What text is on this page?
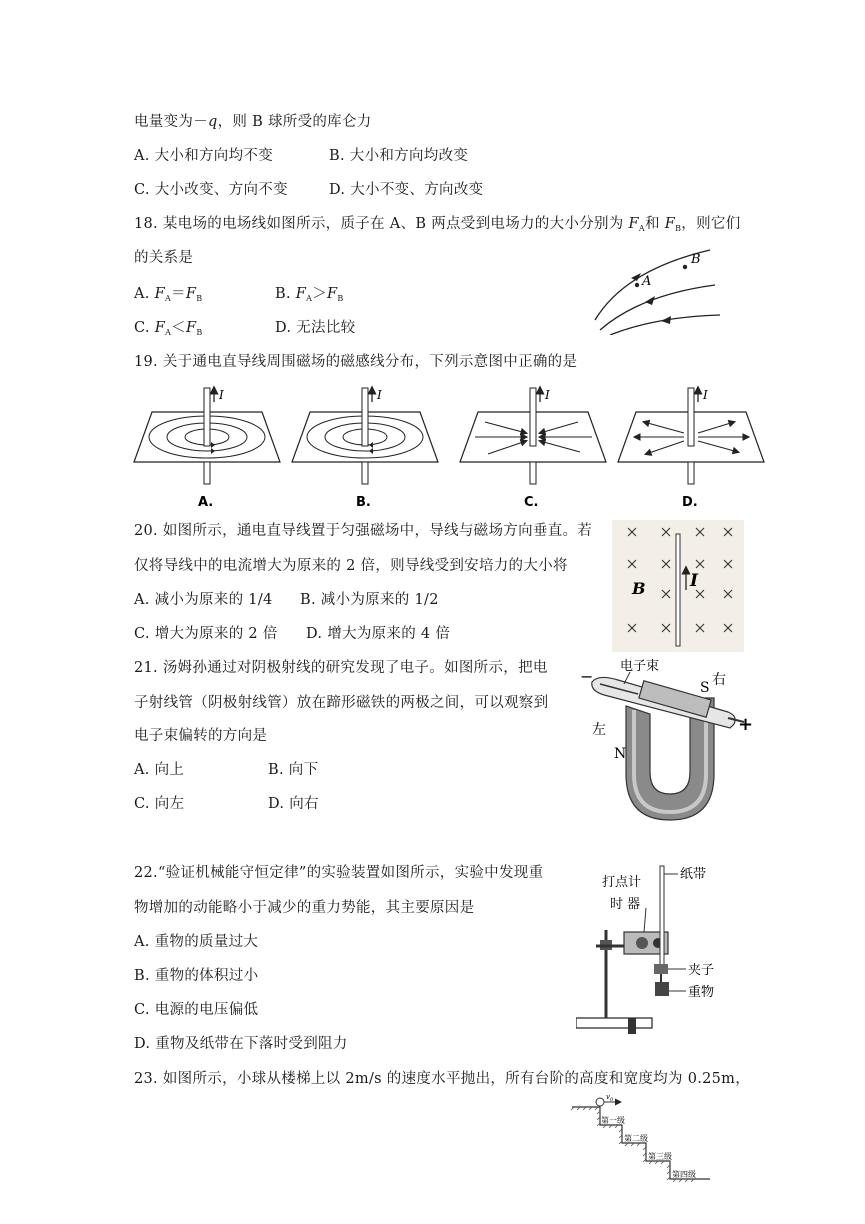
电量变为－q，则 B 球所受的库仑力
A. 大小和方向均不变	B. 大小和方向均改变
C. 大小改变、方向不变	D. 大小不变、方向改变
18. 某电场的电场线如图所示，质子在 A、B 两点受到电场力的大小分别为 $F_A$和 $F_B$，则它们
的关系是
A. $F_A=F_B$	B. $F_A>F_B$
C. $F_A<F_B$	D. 无法比较
A
B
19. 关于通电直导线周围磁场的磁感线分布，下列示意图中正确的是
I
A.
I
B.
I
C.
I
D.
20. 如图所示，通电直导线置于匀强磁场中，导线与磁场方向垂直。若
仅将导线中的电流增大为原来的 2 倍，则导线受到安培力的大小将
A. 减小为原来的 1/4 B. 减小为原来的 1/2
C. 增大为原来的 2 倍 D. 增大为原来的 4 倍
I
B
21. 汤姆孙通过对阴极射线的研究发现了电子。如图所示，把电
子射线管（阴极射线管）放在蹄形磁铁的两极之间，可以观察到
电子束偏转的方向是
A. 向上	B. 向下
C. 向左	D. 向右
−
+
电子束
右
左
S
N
22.“验证机械能守恒定律”的实验装置如图所示，实验中发现重
物增加的动能略小于减少的重力势能，其主要原因是
A. 重物的质量过大
B. 重物的体积过小
C. 电源的电压偏低
D. 重物及纸带在下落时受到阻力
打点计
时 器
纸带
夹子
重物
23. 如图所示，小球从楼梯上以 2m/s 的速度水平抛出，所有台阶的高度和宽度均为 0.25m，
$v_0$
第一级
第二级
第三级
第四级
